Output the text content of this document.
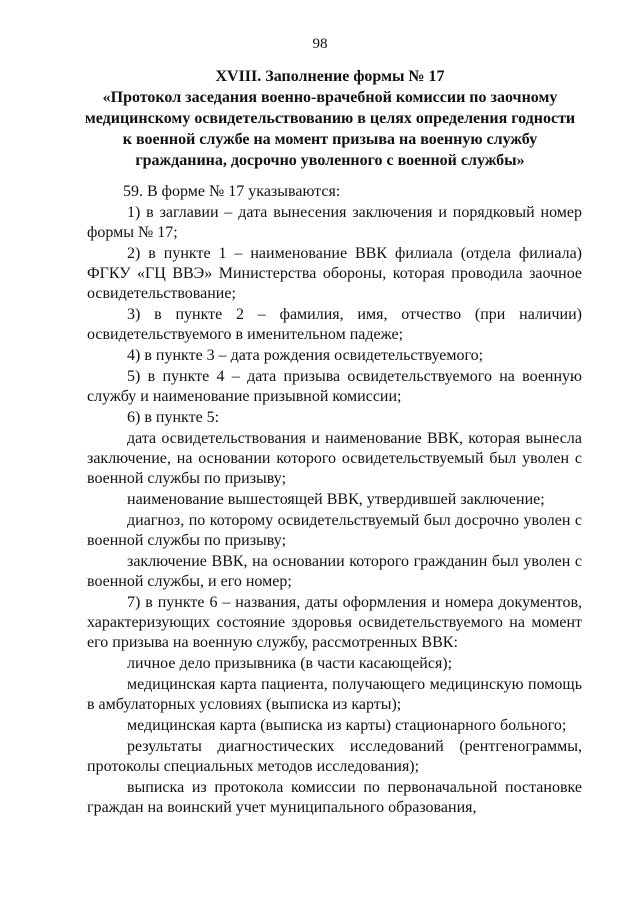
98
XVIII. Заполнение формы № 17
«Протокол заседания военно-врачебной комиссии по заочному медицинскому освидетельствованию в целях определения годности к военной службе на момент призыва на военную службу гражданина, досрочно уволенного с военной службы»

59. В форме № 17 указываются:

1) в заглавии – дата вынесения заключения и порядковый номер формы № 17;

2) в пункте 1 – наименование ВВК филиала (отдела филиала) ФГКУ «ГЦ ВВЭ» Министерства обороны, которая проводила заочное освидетельствование;

3) в пункте 2 – фамилия, имя, отчество (при наличии) освидетельствуемого в именительном падеже;

4) в пункте 3 – дата рождения освидетельствуемого;

5) в пункте 4 – дата призыва освидетельствуемого на военную службу и наименование призывной комиссии;

6) в пункте 5:

дата освидетельствования и наименование ВВК, которая вынесла заключение, на основании которого освидетельствуемый был уволен с военной службы по призыву;

наименование вышестоящей ВВК, утвердившей заключение;

диагноз, по которому освидетельствуемый был досрочно уволен с военной службы по призыву;

заключение ВВК, на основании которого гражданин был уволен с военной службы, и его номер;

7) в пункте 6 – названия, даты оформления и номера документов, характеризующих состояние здоровья освидетельствуемого на момент его призыва на военную службу, рассмотренных ВВК:

личное дело призывника (в части касающейся);

медицинская карта пациента, получающего медицинскую помощь в амбулаторных условиях (выписка из карты);

медицинская карта (выписка из карты) стационарного больного;

результаты диагностических исследований (рентгенограммы, протоколы специальных методов исследования);

выписка из протокола комиссии по первоначальной постановке граждан на воинский учет муниципального образования,
